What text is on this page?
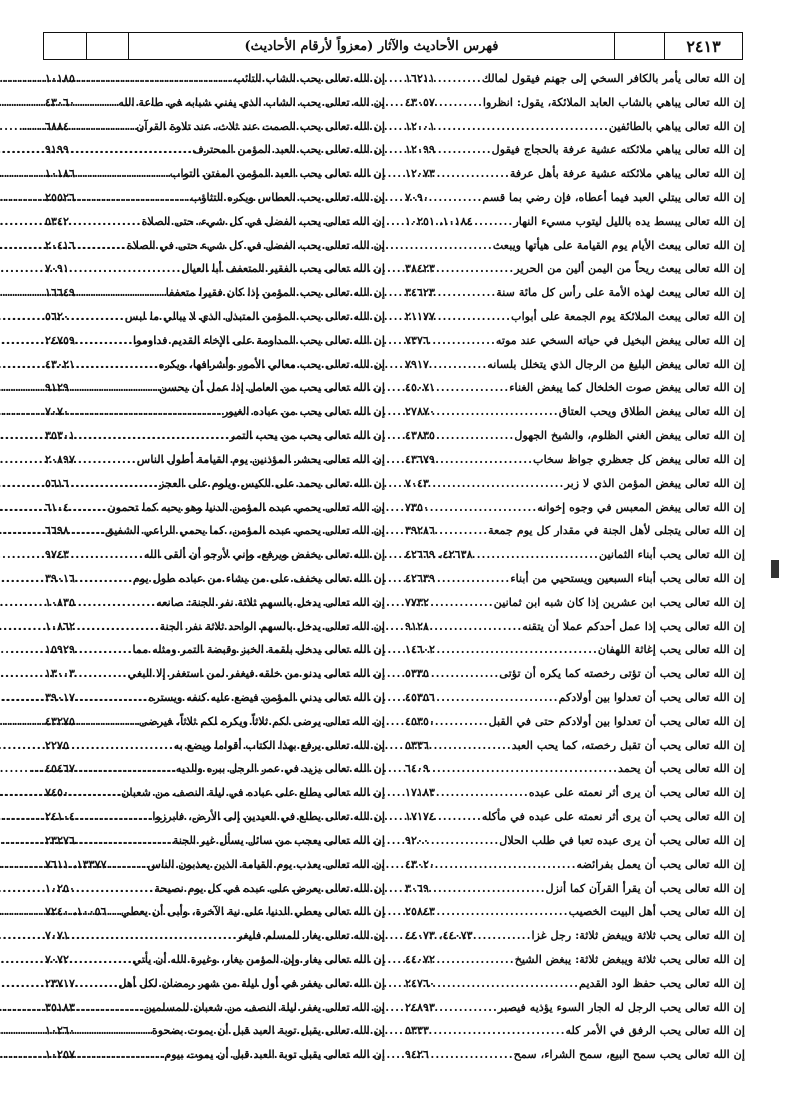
فهرس الأحاديث والآثار (معزواً لأرقام الأحاديث)	٢٤١٣
إن الله تعالى يأمر بالكافر السخي إلى جهنم فيقول لمالك
.....
١٦٢١١
إن الله تعالى يباهي بالشاب العابد الملائكة، يقول: انظروا
.....
٤٣٠٥٧
إن الله تعالى يباهي بالطائفين
.....
١٢٠٠١
إن الله تعالى يباهي ملائكته عشية عرفة بالحجاج فيقول
.....
١٢٠٩٩
إن الله تعالى يباهي ملائكته عشية عرفة بأهل عرفة
.....
١٢٠٧٣
إن الله تعالى يبتلي العبد فيما أعطاه، فإن رضي بما قسم
.....
٧٠٩٠
إن الله تعالى يبسط يده بالليل ليتوب مسيء النهار
.....
١٠١٨٤، ١٠٢٥١
إن الله تعالى يبعث الأيام يوم القيامة على هيأتها ويبعث
.....
إن الله تعالى يبعث ريحاً من اليمن ألين من الحرير
.....
٣٨٤٢٣
إن الله تعالى يبعث لهذه الأمة على رأس كل مائة سنة
.....
٣٤٦٢٣
إن الله تعالى يبعث الملائكة يوم الجمعة على أبواب
.....
٢١١٧٧
إن الله تعالى يبغض البخيل في حياته السخي عند موته
.....
٧٣٧٦
إن الله تعالى يبغض البليغ من الرجال الذي يتخلل بلسانه
.....
٧٩١٧
إن الله تعالى يبغض صوت الخلخال كما يبغض الغناء
.....
٤٥٠٧١
إن الله تعالى يبغض الطلاق ويحب العتاق
.....
٢٧٨٧٠
إن الله تعالى يبغض الغني الظلوم، والشيخ الجهول
.....
٤٣٨٣٥
إن الله تعالى يبغض كل جعظري جواظ سخاب
.....
٤٣٦٧٩
إن الله تعالى يبغض المؤمن الذي لا زبر
.....
٧٠٤٣
إن الله تعالى يبغض المعبس في وجوه إخوانه
.....
٧٣٥٠
إن الله تعالى يتجلى لأهل الجنة في مقدار كل يوم جمعة
.....
٣٩٢٨٦
إن الله تعالى يحب أبناء الثمانين
.....
٤٢٦٣٨، ٤٢٦٦٩
إن الله تعالى يحب أبناء السبعين ويستحيي من أبناء
.....
٤٢٦٣٩
إن الله تعالى يحب ابن عشرين إذا كان شبه ابن ثمانين
.....
٧٧٣٢
إن الله تعالى يحب إذا عمل أحدكم عملا أن يتقنه
.....
٩١٢٨
إن الله تعالى يحب إغاثة اللهفان
.....
١٤٦٠٢
إن الله تعالى يحب أن تؤتى رخصته كما يكره أن تؤتى
.....
٥٣٣٥
إن الله تعالى يحب أن تعدلوا بين أولادكم
.....
٤٥٣٥٦
إن الله تعالى يحب أن تعدلوا بين أولادكم حتى في القبل
.....
٤٥٣٥٠
إن الله تعالى يحب أن تقبل رخصته، كما يحب العبد
.....
٥٣٣٦
إن الله تعالى يحب أن يحمد
.....
٦٤٠٩
إن الله تعالى يحب أن يرى أثر نعمته على عبده
.....
١٧١٨٣
إن الله تعالى يحب أن يرى أثر نعمته على عبده في مأكله
.....
١٧١٧٤
إن الله تعالى يحب أن يرى عبده تعبا في طلب الحلال
.....
٩٢٠٠
إن الله تعالى يحب أن يعمل بفرائضه
.....
٤٣٠٢٠
إن الله تعالى يحب أن يقرأ القرآن كما أنزل
.....
٣٠٦٩
إن الله تعالى يحب أهل البيت الخصيب
.....
٢٥٨٤٣
إن الله تعالى يحب ثلاثة ويبغض ثلاثة: رجل غزا
.....
٤٤٠٧٣، ٤٤٠٧٣
إن الله تعالى يحب ثلاثة ويبغض ثلاثة: يبغض الشيخ
.....
٤٤٠٧٢
إن الله تعالى يحب حفظ الود القديم
.....
٢٤٧٦٠
إن الله تعالى يحب الرجل له الجار السوء يؤذيه فيصبر
.....
٢٤٨٩٣
إن الله تعالى يحب الرفق في الأمر كله
.....
٥٣٣٣
إن الله تعالى يحب سمح البيع، سمح الشراء، سمح
.....
٩٤٢٦
إن الله تعالى يحب الشاب التائب
.....
١٠١٨٥
إن الله تعالى يحب الشاب الذي يفني شبابه في طاعة الله
.....
٤٣٠٦٠
إن الله تعالى يحب الصمت عند ثلاث، عند تلاوة القرآن
.....
٦٨٨٤
إن الله تعالى يحب العبد المؤمن المحترف
.....
٩١٩٩
إن الله تعالى يحب العبد المؤمن المفتن التواب
.....
١٠١٨٦
إن الله تعالى يحب العطاس ويكره التثاؤب
.....
٢٥٥٢٦
إن الله تعالى يحب الفضل في كل شيء، حتى الصلاة
.....
٥٣٤٢
إن الله تعالى يحب الفضل في كل شيء حتى في الصلاة
.....
٢٠٤١٦
إن الله تعالى يحب الفقير المتعفف أبا العيال
.....
٧٠٩١
إن الله تعالى يحب المؤمن إذا كان فقيرا متعففا
.....
١٦٦٤٩
إن الله تعالى يحب المؤمن المتبذل الذي لا يبالي ما لبس
.....
٥٦٢٠
إن الله تعالى يحب المداومة على الإخاء القديم فداوموا
.....
٢٤٧٥٩
إن الله تعالى يحب معالي الأمور وأشرافها، ويكره
.....
٤٣٠٢١
إن الله تعالى يحب من العامل إذا عمل أن يحسن
.....
٩١٢٩
إن الله تعالى يحب من عباده الغيور
.....
٧٠٧٠
إن الله تعالى يحب من يحب التمر
.....
٣٥٣٠١
إن الله تعالى يحشر المؤذنين يوم القيامة أطول الناس
.....
٢٠٨٩٧
إن الله تعالى يحمد على الكيس ويلوم على العجز
.....
٥٦١٦
إن الله تعالى يحمي عبده المؤمن الدنيا وهو يحبه كما تحمون
.....
٦١٠٤
إن الله تعالى يحمي عبده المؤمن، كما يحمي الراعي الشفيق
.....
٦٦٩٨
إن الله تعالى يخفض ويرفع، وإني لأرجو أن ألقى الله
.....
٩٧٤٣
إن الله تعالى يخفف على من يشاء من عباده طول يوم
.....
٣٩٠١٦
إن الله تعالى يدخل بالسهم ثلاثة نفر الجنة: صانعه
.....
١٠٨٣٥
إن الله تعالى يدخل بالسهم الواحد ثلاثة نفر الجنة
.....
١٠٨٦٢
إن الله تعالى يدخل بلقمة الخبز وقبضة التمر ومثله مما
.....
١٥٩٢٩
إن الله تعالى يدنو من خلقه فيغفر لمن استغفر إلا البغي
.....
١٣٠٠٣
إن الله تعالى يدني المؤمن فيضع عليه كنفه ويستره
.....
٣٩٠١٧
إن الله تعالى يرضى لكم ثلاثاً ويكره لكم ثلاثاً، فيرضى
.....
٤٣٢٧٥
إن الله تعالى يرفع بهذا الكتاب أقواما ويضع به
.....
٢٢٧٥
إن الله تعالى يزيد في عمر الرجل ببره والديه
.....
٤٥٤٦٧
إن الله تعالى يطلع على عباده في ليلة النصف من شعبان
.....
٧٤٥٠
إن الله تعالى يطلع في العيدين إلى الأرض، فابرزوا
.....
٢٤١٠٤
إن الله تعالى يعجب من سائل يسأل غير الجنة
.....
٢٣٢٧٦
إن الله تعالى يعذب يوم القيامة الذين يعذبون الناس
.....
١٣٣٧٧، ٧٦١١
إن الله تعالى يعرض على عبده في كل يوم نصيحة
.....
١٠٢٥٠
إن الله تعالى يعطي الدنيا على نية الآخرة، وأبى أن يعطي
.....
١٠٠٥٦، ٧٢٤٠
إن الله تعالى يغار للمسلم فليغر
.....
٧٠٧١
إن الله تعالى يغار وإن المؤمن يغار، وغيرة الله أن يأتي
.....
٧٠٧٢
إن الله تعالى يغفر في أول ليلة من شهر رمضان لكل أهل
.....
٢٣٧١٧
إن الله تعالى يغفر ليلة النصف من شعبان للمسلمين
.....
٣٥١٨٣
إن الله تعالى يقبل توبة العبد قبل أن يموت بضحوة
.....
١٠٢٦٠
إن الله تعالى يقبل توبة العبد قبل أن يموت بيوم
.....
١٠٢٥٧
